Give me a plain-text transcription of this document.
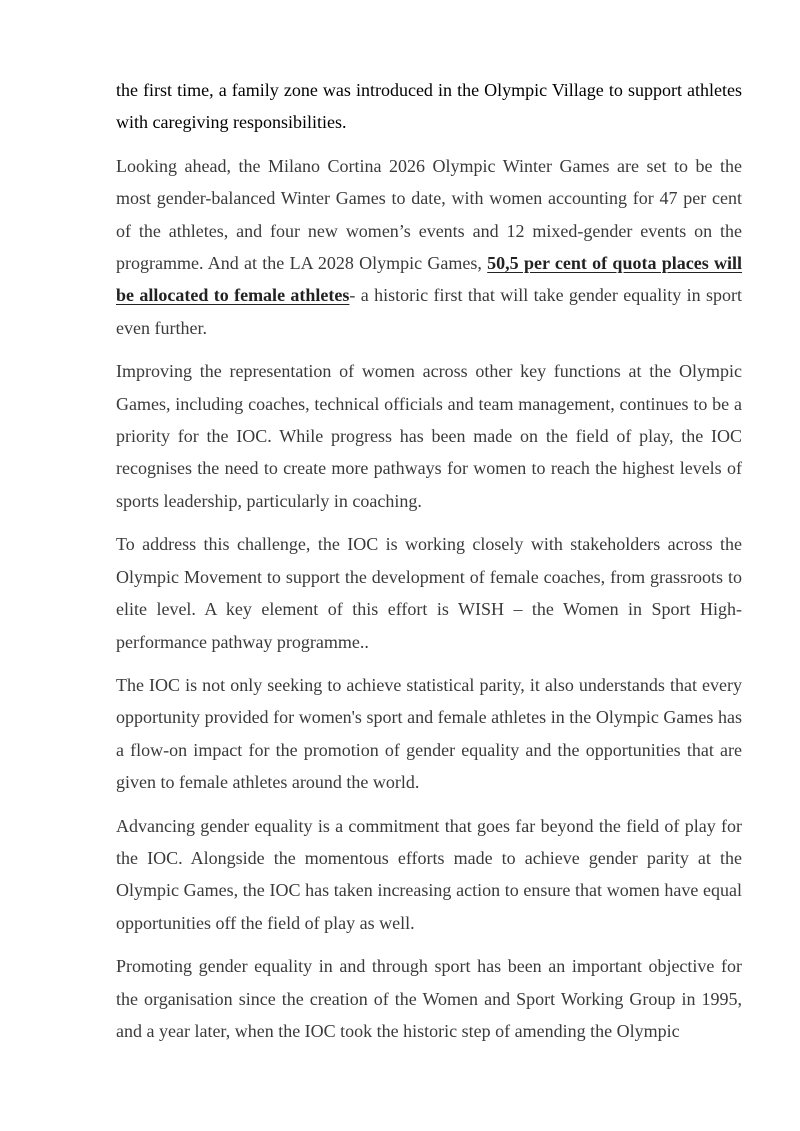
the first time, a family zone was introduced in the Olympic Village to support athletes with caregiving responsibilities.

Looking ahead, the Milano Cortina 2026 Olympic Winter Games are set to be the most gender-balanced Winter Games to date, with women accounting for 47 per cent of the athletes, and four new women’s events and 12 mixed-gender events on the programme. And at the LA 2028 Olympic Games, 50,5 per cent of quota places will be allocated to female athletes- a historic first that will take gender equality in sport even further.

Improving the representation of women across other key functions at the Olympic Games, including coaches, technical officials and team management, continues to be a priority for the IOC. While progress has been made on the field of play, the IOC recognises the need to create more pathways for women to reach the highest levels of sports leadership, particularly in coaching.

To address this challenge, the IOC is working closely with stakeholders across the Olympic Movement to support the development of female coaches, from grassroots to elite level. A key element of this effort is WISH – the Women in Sport High-performance pathway programme..

The IOC is not only seeking to achieve statistical parity, it also understands that every opportunity provided for women's sport and female athletes in the Olympic Games has a flow-on impact for the promotion of gender equality and the opportunities that are given to female athletes around the world.

Advancing gender equality is a commitment that goes far beyond the field of play for the IOC. Alongside the momentous efforts made to achieve gender parity at the Olympic Games, the IOC has taken increasing action to ensure that women have equal opportunities off the field of play as well.

Promoting gender equality in and through sport has been an important objective for the organisation since the creation of the Women and Sport Working Group in 1995, and a year later, when the IOC took the historic step of amending the Olympic
